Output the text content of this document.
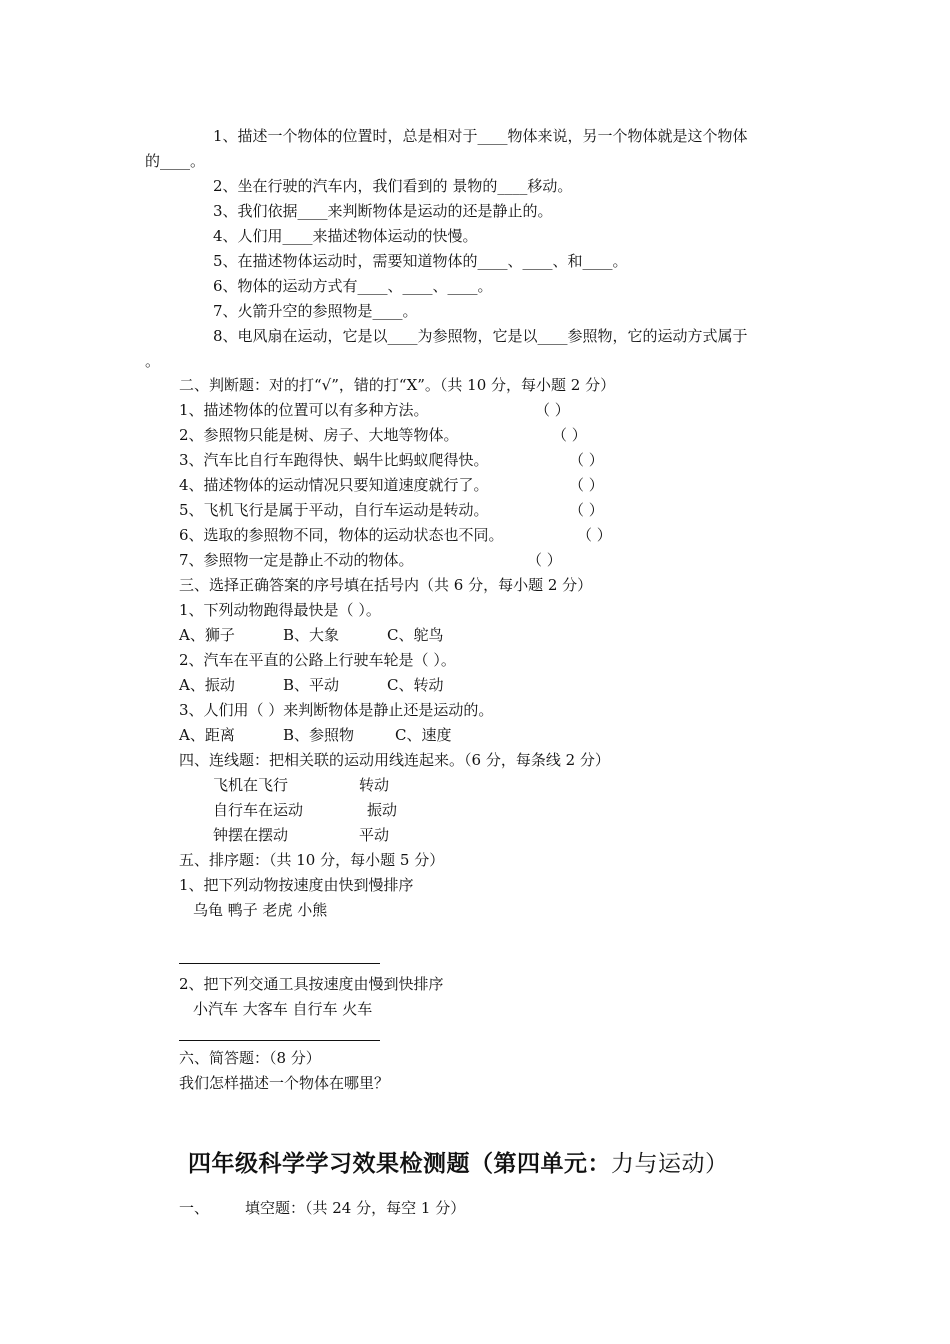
1、描述一个物体的位置时，总是相对于____物体来说，另一个物体就是这个物体
的____。
2、坐在行驶的汽车内，我们看到的 景物的____移动。
3、我们依据____来判断物体是运动的还是静止的。
4、人们用____来描述物体运动的快慢。
5、在描述物体运动时，需要知道物体的____、____、和____。
6、物体的运动方式有____、____、____。
7、火箭升空的参照物是____。
8、电风扇在运动，它是以____为参照物，它是以____参照物，它的运动方式属于
。
二、判断题：对的打“√”，错的打“X”。（共 10 分，每小题 2 分）
1、描述物体的位置可以有多种方法。	（ ）
2、参照物只能是树、房子、大地等物体。	（ ）
3、汽车比自行车跑得快、蜗牛比蚂蚁爬得快。	（ ）
4、描述物体的运动情况只要知道速度就行了。	（ ）
5、飞机飞行是属于平动，自行车运动是转动。	（ ）
6、选取的参照物不同，物体的运动状态也不同。	（ ）
7、参照物一定是静止不动的物体。	（ ）
三、选择正确答案的序号填在括号内（共 6 分，每小题 2 分）
1、下列动物跑得最快是（ ）。
A、狮子	B、大象	C、鸵鸟
2、汽车在平直的公路上行驶车轮是（ ）。
A、振动	B、平动	C、转动
3、人们用（ ）来判断物体是静止还是运动的。
A、距离	B、参照物	C、速度
四、连线题：把相关联的运动用线连起来。（6 分，每条线 2 分）
飞机在飞行	转动
自行车在运动	振动
钟摆在摆动	平动
五、排序题：（共 10 分，每小题 5 分）
1、把下列动物按速度由快到慢排序
乌龟 鸭子 老虎 小熊
2、把下列交通工具按速度由慢到快排序
小汽车 大客车 自行车 火车
六、简答题：（8 分）
我们怎样描述一个物体在哪里？
四年级科学学习效果检测题（第四单元：力与运动）
一、 填空题：（共 24 分，每空 1 分）
